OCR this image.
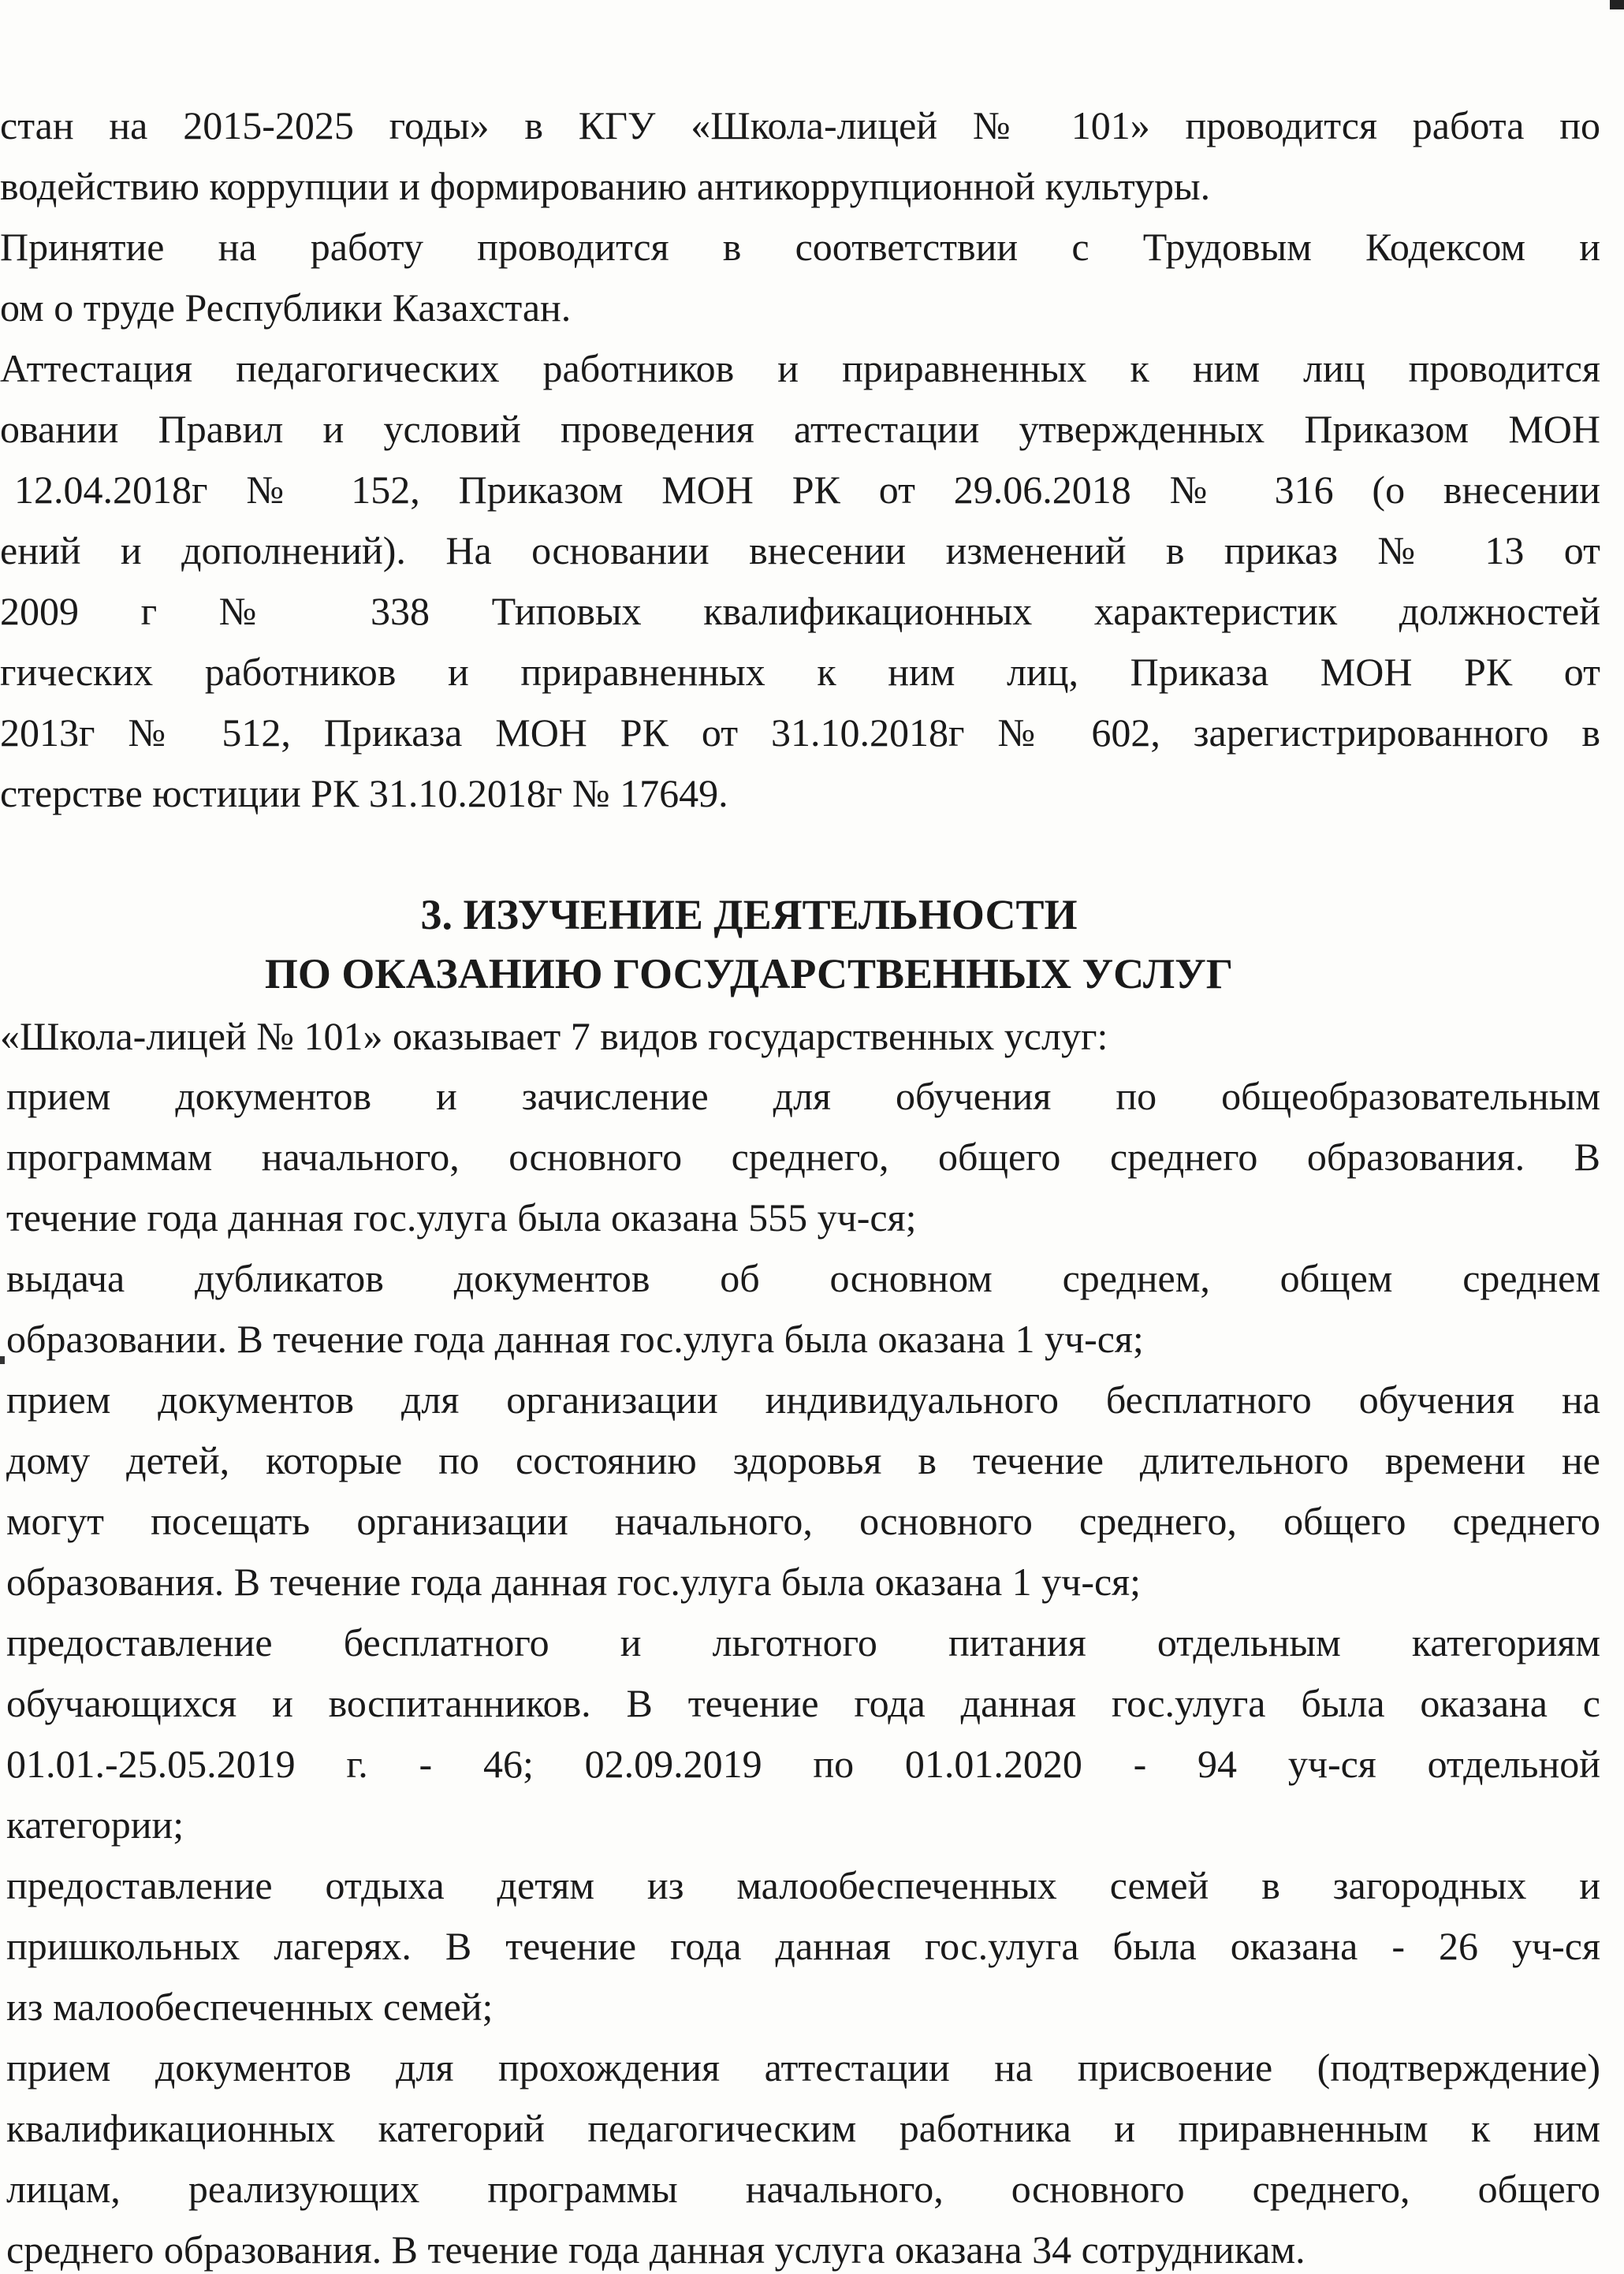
стан на 2015-2025 годы» в КГУ «Школа-лицей № 101» проводится работа по
водействию коррупции и формированию антикоррупционной культуры.
Принятие на работу проводится в соответствии с Трудовым Кодексом и
ом о труде Республики Казахстан.
Аттестация педагогических работников и приравненных к ним лиц проводится
овании Правил и условий проведения аттестации утвержденных Приказом МОН
12.04.2018г № 152, Приказом МОН РК от 29.06.2018 № 316 (о внесении
ений и дополнений). На основании внесении изменений в приказ № 13 от
2009 г № 338 Типовых квалификационных характеристик должностей
гических работников и приравненных к ним лиц, Приказа МОН РК от
2013г № 512, Приказа МОН РК от 31.10.2018г № 602, зарегистрированного в
стерстве юстиции РК 31.10.2018г № 17649.
3. ИЗУЧЕНИЕ ДЕЯТЕЛЬНОСТИ
ПО ОКАЗАНИЮ ГОСУДАРСТВЕННЫХ УСЛУГ
«Школа-лицей № 101» оказывает 7 видов государственных услуг:
прием документов и зачисление для обучения по общеобразовательным
программам начального, основного среднего, общего среднего образования. В
течение года данная гос.улуга была оказана 555 уч-ся;
выдача дубликатов документов об основном среднем, общем среднем
образовании. В течение года данная гос.улуга была оказана 1 уч-ся;
прием документов для организации индивидуального бесплатного обучения на
дому детей, которые по состоянию здоровья в течение длительного времени не
могут посещать организации начального, основного среднего, общего среднего
образования. В течение года данная гос.улуга была оказана 1 уч-ся;
предоставление бесплатного и льготного питания отдельным категориям
обучающихся и воспитанников. В течение года данная гос.улуга была оказана с
01.01.-25.05.2019 г. - 46; 02.09.2019 по 01.01.2020 - 94 уч-ся отдельной
категории;
предоставление отдыха детям из малообеспеченных семей в загородных и
пришкольных лагерях. В течение года данная гос.улуга была оказана - 26 уч-ся
из малообеспеченных семей;
прием документов для прохождения аттестации на присвоение (подтверждение)
квалификационных категорий педагогическим работника и приравненным к ним
лицам, реализующих программы начального, основного среднего, общего
среднего образования. В течение года данная услуга оказана 34 сотрудникам.
